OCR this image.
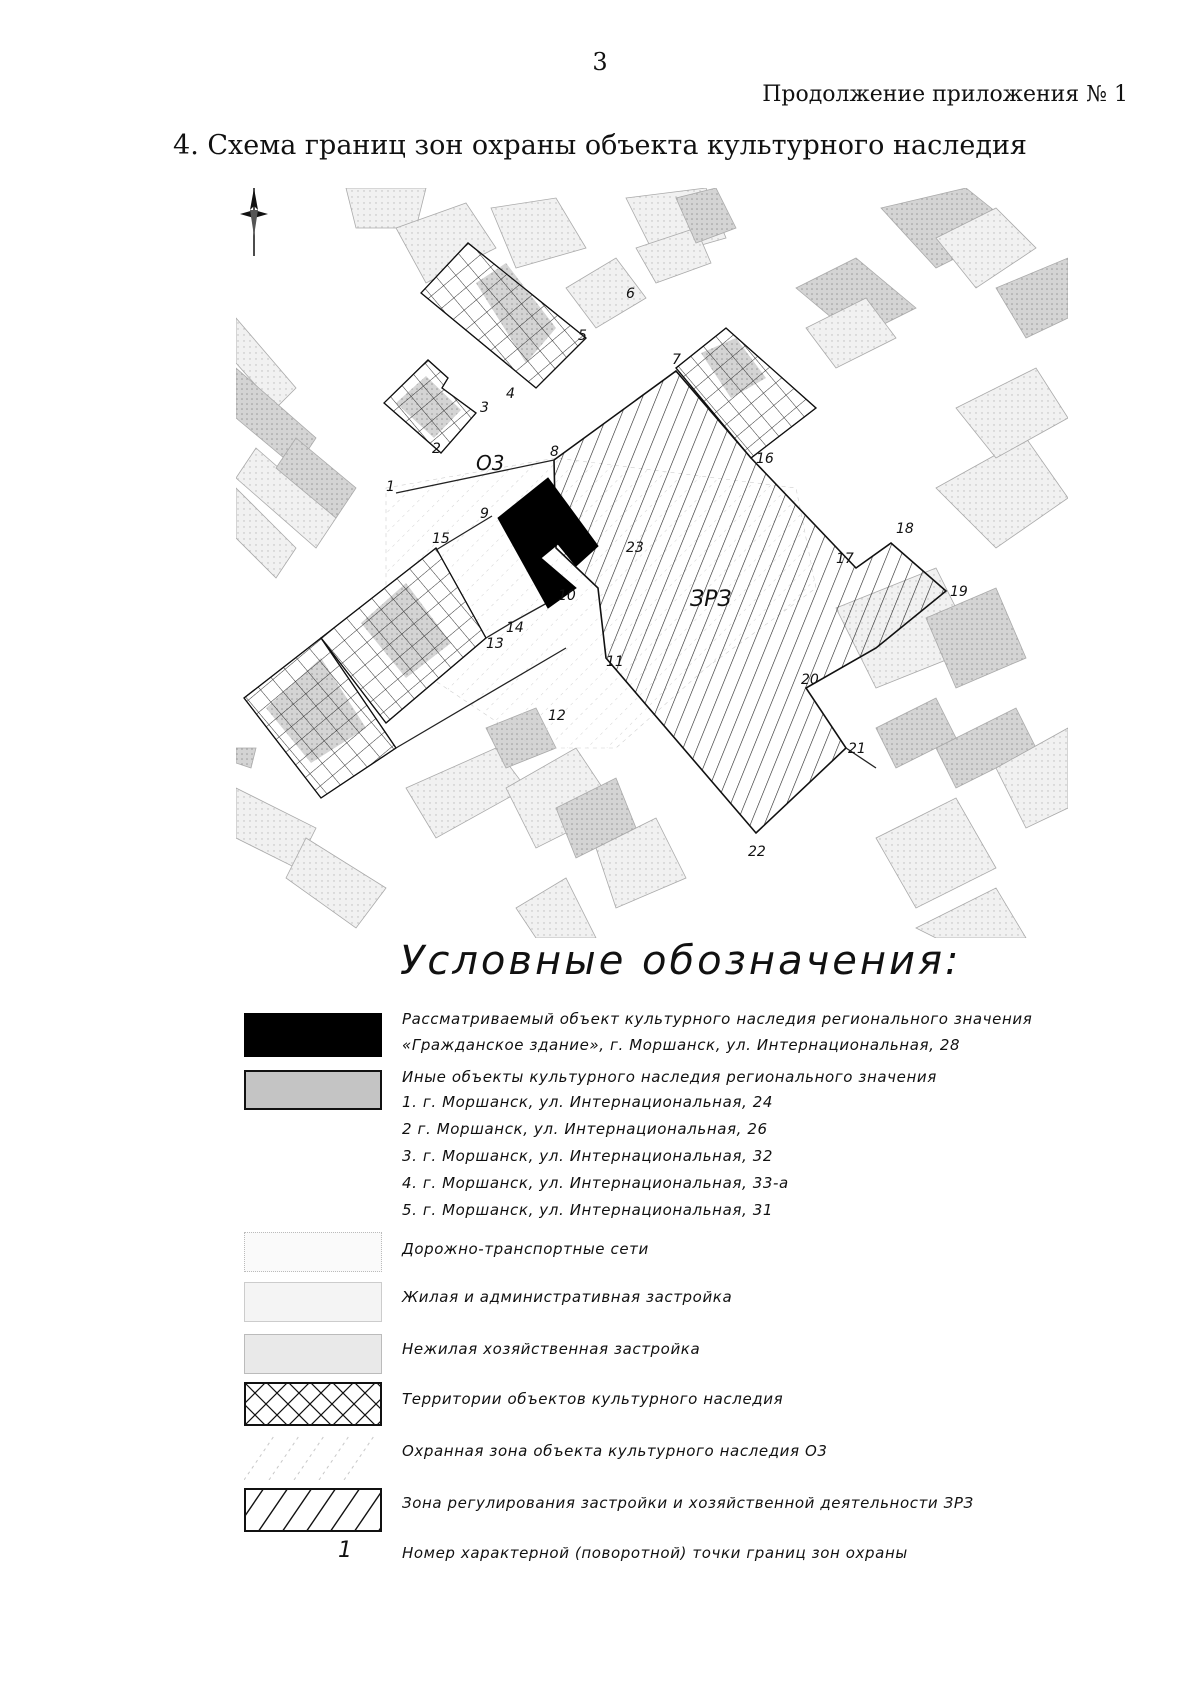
3
Продолжение приложения № 1
4. Схема границ зон охраны объекта культурного наследия
1
2
3
4
5
6
7
8
9
10
11
12
13
14
15
16
17
18
19
20
21
22
23
О3
ЗРЗ
Условные обозначения:
Рассматриваемый объект культурного наследия регионального значения
«Гражданское здание», г. Моршанск, ул. Интернациональная, 28
Иные объекты культурного наследия регионального значения
1. г. Моршанск, ул. Интернациональная, 24
2 г. Моршанск, ул. Интернациональная, 26
3. г. Моршанск, ул. Интернациональная, 32
4. г. Моршанск, ул. Интернациональная, 33-а
5. г. Моршанск, ул. Интернациональная, 31
Дорожно-транспортные сети
Жилая и административная застройка
Нежилая хозяйственная застройка
Территории объектов культурного наследия
Охранная зона объекта культурного наследия О3
Зона регулирования застройки и хозяйственной деятельности ЗРЗ
1	Номер характерной (поворотной) точки границ зон охраны
